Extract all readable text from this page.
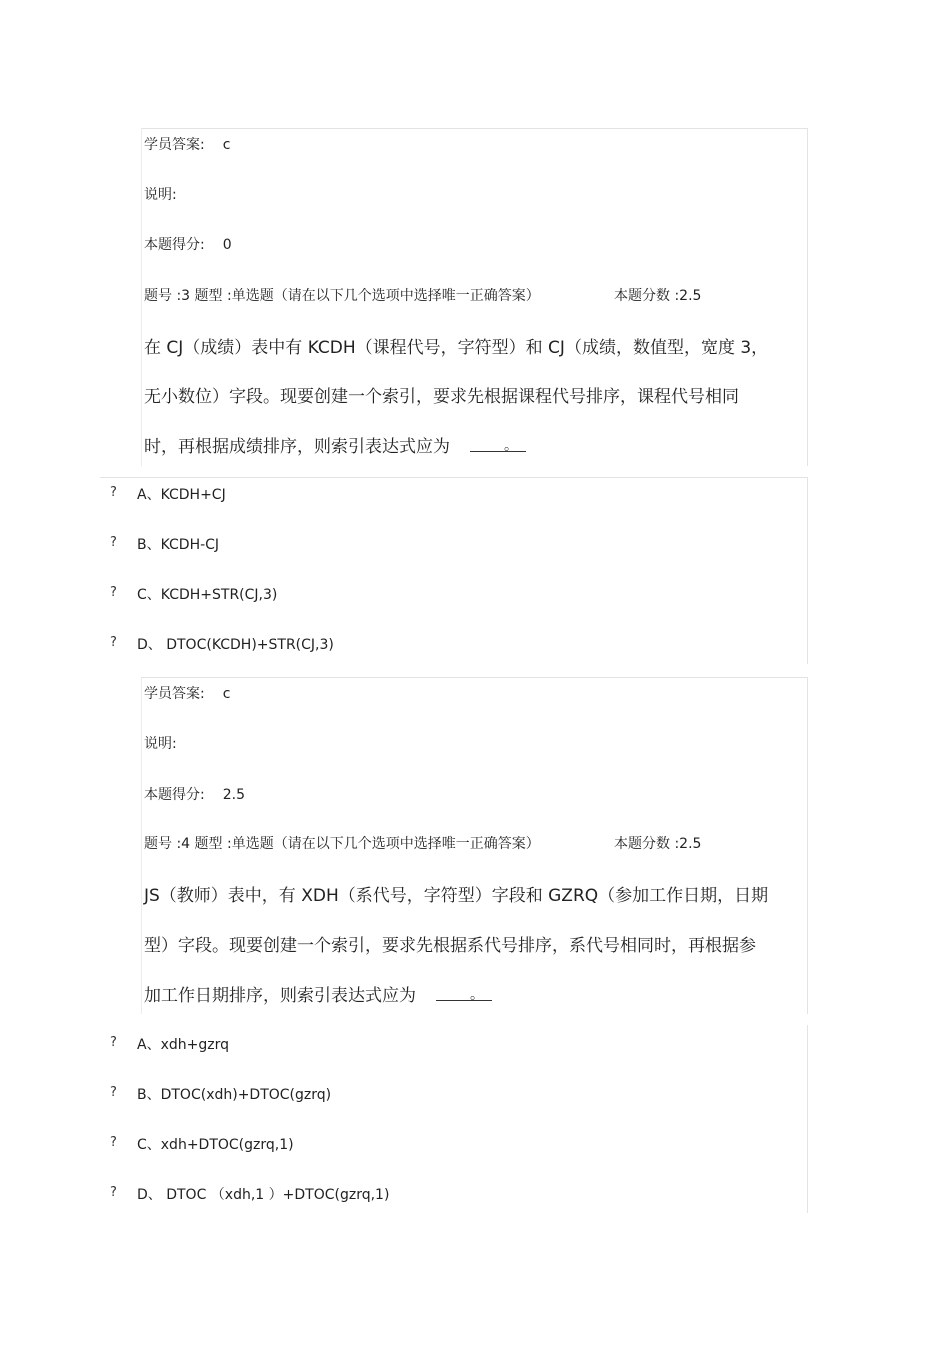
学员答案: c
说明:
本题得分: 0
题号 :3 题型 :单选题（请在以下几个选项中选择唯一正确答案）	本题分数 :2.5
在 CJ（成绩）表中有 KCDH（课程代号，字符型）和 CJ（成绩，数值型，宽度 3，
无小数位）字段。现要创建一个索引，要求先根据课程代号排序，课程代号相同
时，再根据成绩排序，则索引表达式应为	。
? A、KCDH+CJ
? B、KCDH-CJ
? C、KCDH+STR(CJ,3)
? D、 DTOC(KCDH)+STR(CJ,3)
学员答案: c
说明:
本题得分: 2.5
题号 :4 题型 :单选题（请在以下几个选项中选择唯一正确答案）	本题分数 :2.5
JS（教师）表中，有 XDH（系代号，字符型）字段和 GZRQ（参加工作日期，日期
型）字段。现要创建一个索引，要求先根据系代号排序，系代号相同时，再根据参
加工作日期排序，则索引表达式应为	。
? A、xdh+gzrq
? B、DTOC(xdh)+DTOC(gzrq)
? C、xdh+DTOC(gzrq,1)
? D、 DTOC （xdh,1 ）+DTOC(gzrq,1)
